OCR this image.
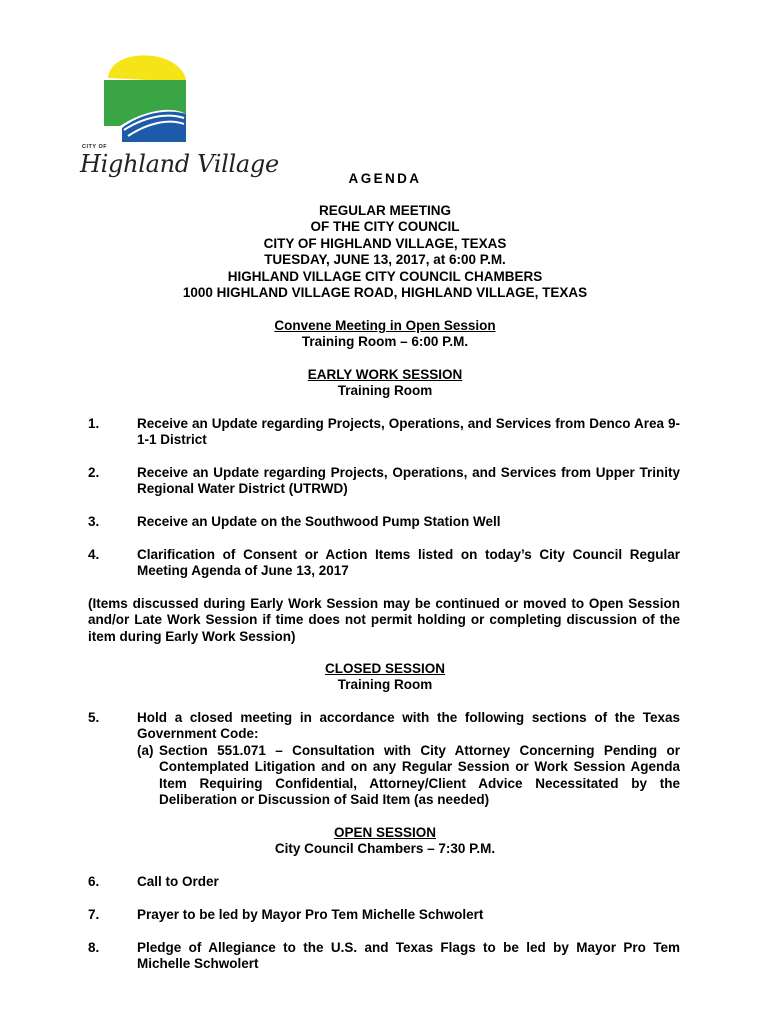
CITY OF
Highland Village
AGENDA
REGULAR MEETING
OF THE CITY COUNCIL
CITY OF HIGHLAND VILLAGE, TEXAS
TUESDAY, JUNE 13, 2017, at 6:00 P.M.
HIGHLAND VILLAGE CITY COUNCIL CHAMBERS
1000 HIGHLAND VILLAGE ROAD, HIGHLAND VILLAGE, TEXAS
Convene Meeting in Open Session
Training Room – 6:00 P.M.
EARLY WORK SESSION
Training Room
1.	Receive an Update regarding Projects, Operations, and Services from Denco Area 9-1-1 District
2.	Receive an Update regarding Projects, Operations, and Services from Upper Trinity Regional Water District (UTRWD)
3.	Receive an Update on the Southwood Pump Station Well
4.	Clarification of Consent or Action Items listed on today’s City Council Regular Meeting Agenda of June 13, 2017
(Items discussed during Early Work Session may be continued or moved to Open Session and/or Late Work Session if time does not permit holding or completing discussion of the item during Early Work Session)
CLOSED SESSION
Training Room
5.	Hold a closed meeting in accordance with the following sections of the Texas Government Code:
(a) Section 551.071 – Consultation with City Attorney Concerning Pending or Contemplated Litigation and on any Regular Session or Work Session Agenda Item Requiring Confidential, Attorney/Client Advice Necessitated by the Deliberation or Discussion of Said Item (as needed)
OPEN SESSION
City Council Chambers – 7:30 P.M.
6.	Call to Order
7.	Prayer to be led by Mayor Pro Tem Michelle Schwolert
8.	Pledge of Allegiance to the U.S. and Texas Flags to be led by Mayor Pro Tem Michelle Schwolert
